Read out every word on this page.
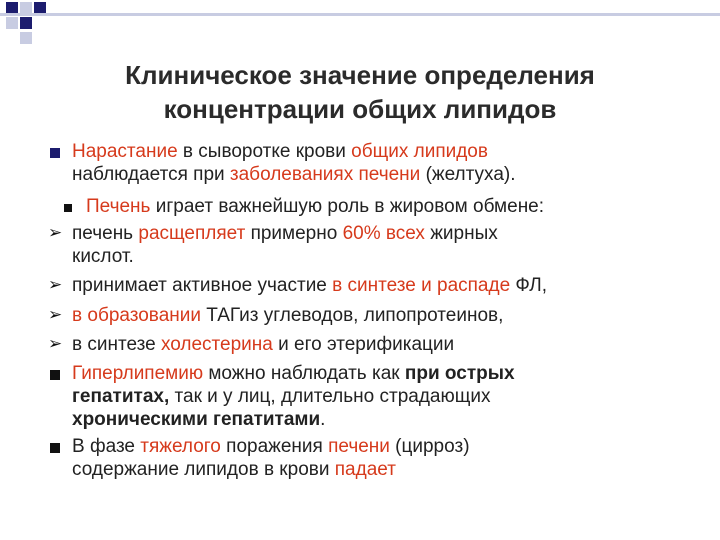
Клиническое значение определения
концентрации общих липидов
Нарастание в сыворотке крови общих липидов
наблюдается при заболеваниях печени (желтуха).
Печень играет важнейшую роль в жировом обмене:
➢ печень расщепляет примерно 60% всех жирных
кислот.
➢ принимает активное участие в синтезе и распаде ФЛ,
➢ в образовании ТАГиз углеводов, липопротеинов,
➢ в синтезе холестерина и его этерификации
Гиперлипемию можно наблюдать как при острых
гепатитах, так и у лиц, длительно страдающих
хроническими гепатитами.
В фазе тяжелого поражения печени (цирроз)
содержание липидов в крови падает
